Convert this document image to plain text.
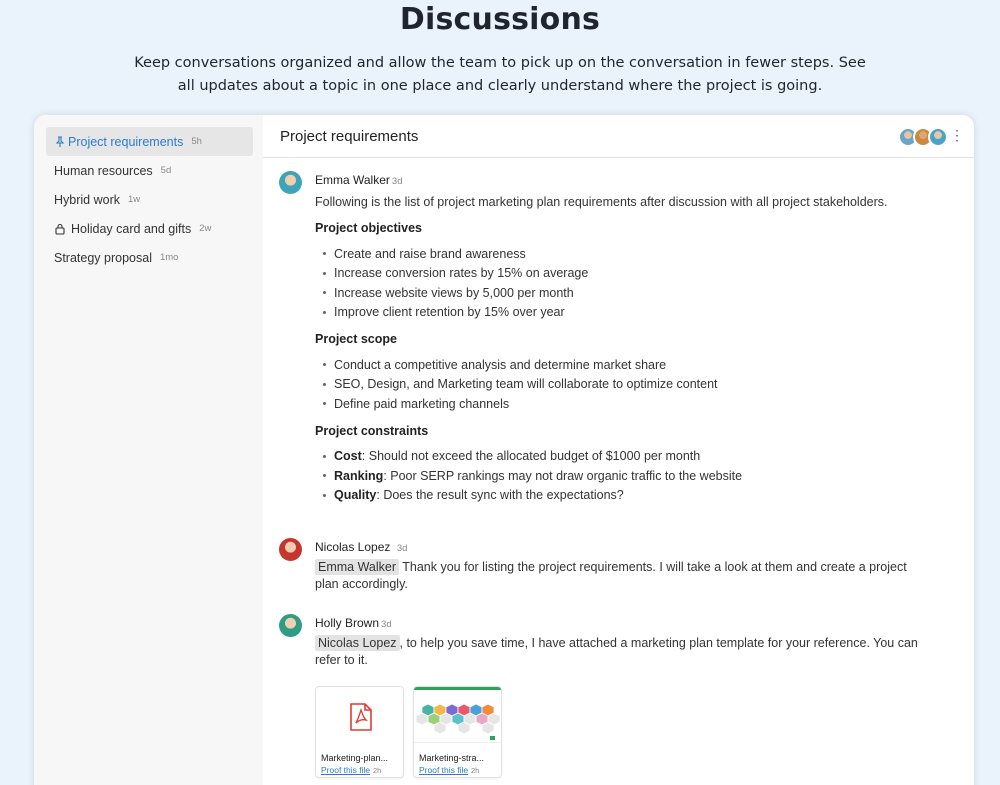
Discussions
Keep conversations organized and allow the team to pick up on the conversation in fewer steps. See all updates about a topic in one place and clearly understand where the project is going.
Project requirements 5h
Human resources 5d
Hybrid work 1w
Holiday card and gifts 2w
Strategy proposal 1mo
Project requirements	⋮
Emma Walker 3d
Following is the list of project marketing plan requirements after discussion with all project stakeholders.
Project objectives
Create and raise brand awareness
Increase conversion rates by 15% on average
Increase website views by 5,000 per month
Improve client retention by 15% over year
Project scope
Conduct a competitive analysis and determine market share
SEO, Design, and Marketing team will collaborate to optimize content
Define paid marketing channels
Project constraints
Cost : Should not exceed the allocated budget of $1000 per month
Ranking : Poor SERP rankings may not draw organic traffic to the website
Quality : Does the result sync with the expectations?
Nicolas Lopez 3d
Emma Walker Thank you for listing the project requirements. I will take a look at them and create a project
plan accordingly.
Holly Brown 3d
Nicolas Lopez , to help you save time, I have attached a marketing plan template for your reference. You can
refer to it.
Marketing-plan...
Proof this file 2h
Marketing-stra...
Proof this file 2h
